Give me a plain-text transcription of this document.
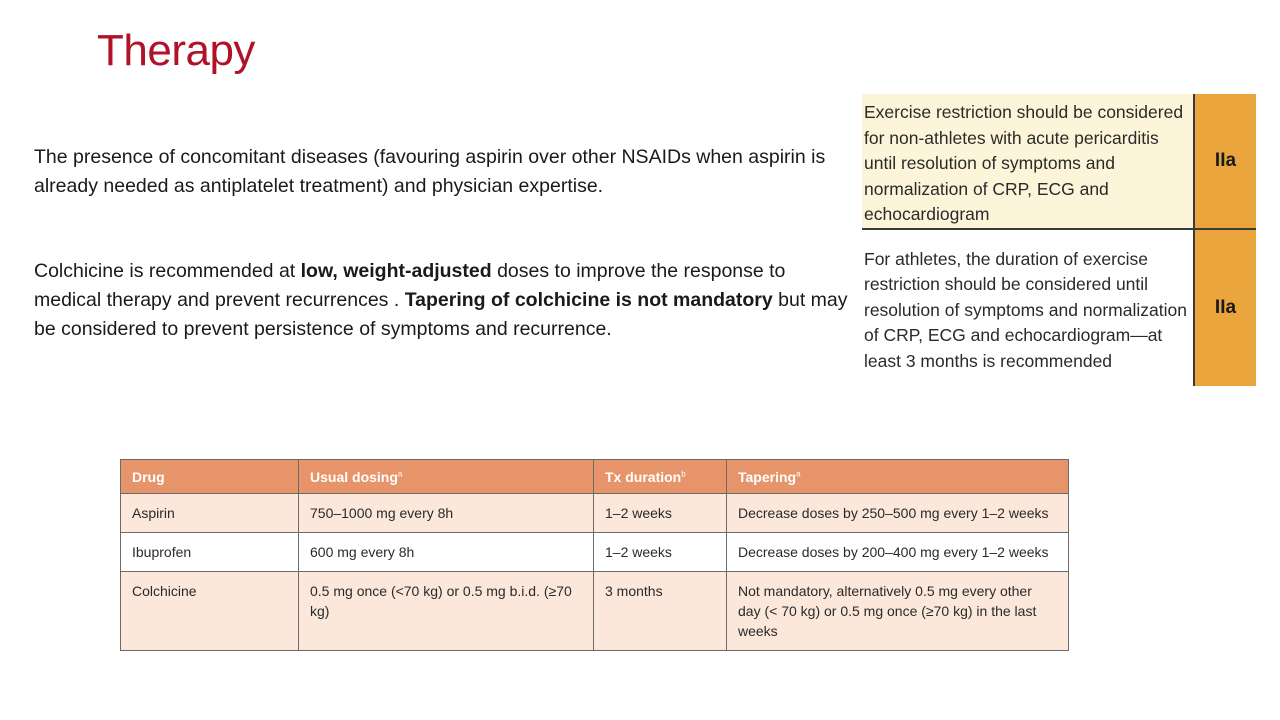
Therapy
The presence of concomitant diseases (favouring aspirin over other NSAIDs when aspirin is already needed as antiplatelet treatment) and physician expertise.
Colchicine is recommended at low, weight-adjusted doses to improve the response to medical therapy and prevent recurrences . Tapering of colchicine is not mandatory but may be considered to prevent persistence of symptoms and recurrence.
Exercise restriction should be considered for non-athletes with acute pericarditis until resolution of symptoms and normalization of CRP, ECG and echocardiogram	IIa
For athletes, the duration of exercise restriction should be considered until resolution of symptoms and normalization of CRP, ECG and echocardiogram—at least 3 months is recommended	IIa
Drug	Usual dosing$^a$	Tx duration$^b$	Tapering$^a$
Aspirin	750–1000 mg every 8h	1–2 weeks	Decrease doses by 250–500 mg every 1–2 weeks
Ibuprofen	600 mg every 8h	1–2 weeks	Decrease doses by 200–400 mg every 1–2 weeks
Colchicine	0.5 mg once (<70 kg) or 0.5 mg b.i.d. (≥70 kg)	3 months	Not mandatory, alternatively 0.5 mg every other day (< 70 kg) or 0.5 mg once (≥70 kg) in the last weeks
